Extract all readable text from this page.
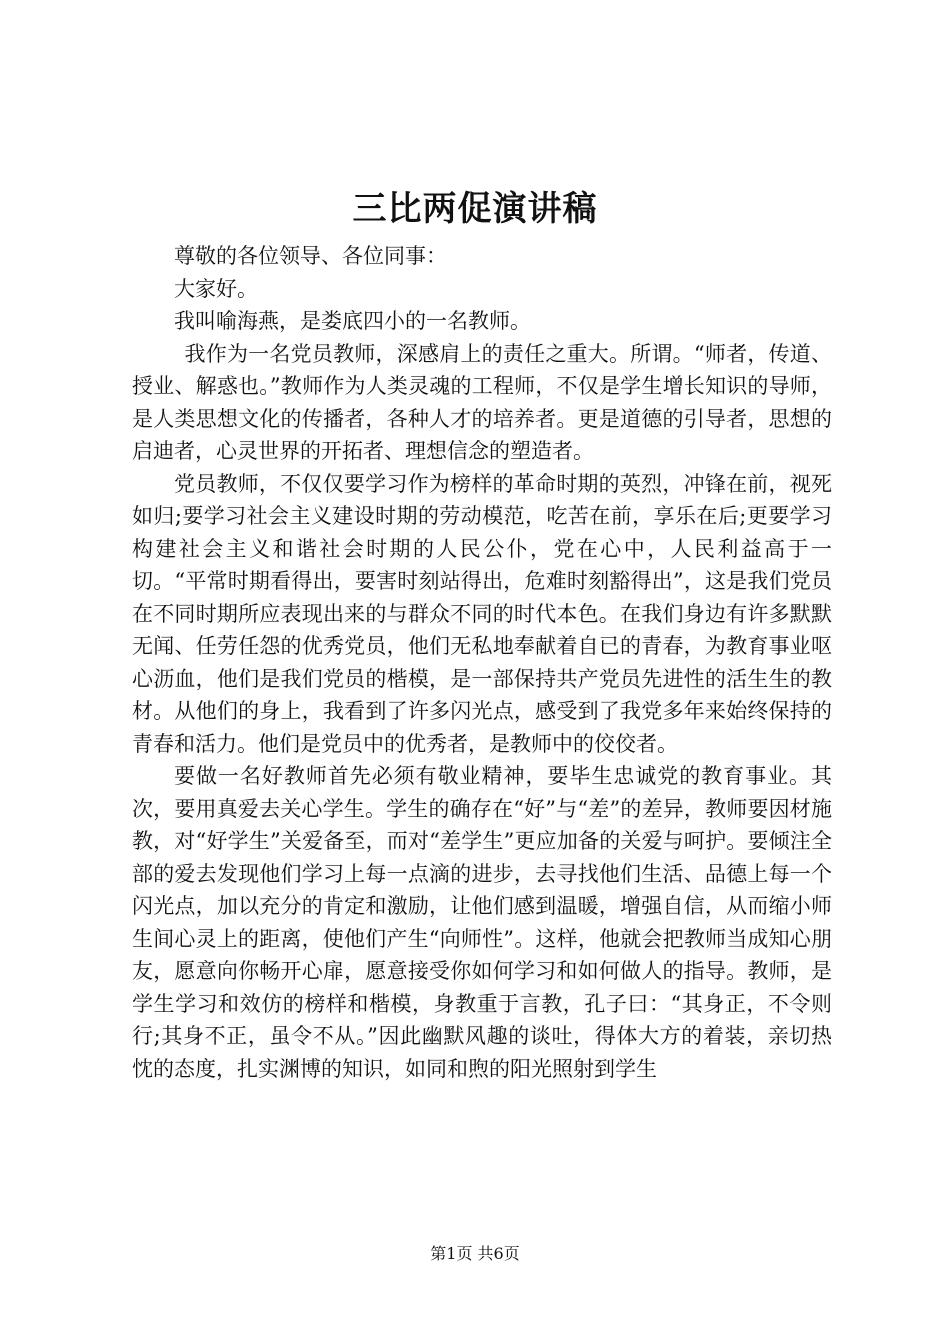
三比两促演讲稿

尊敬的各位领导、各位同事：

大家好。

我叫喻海燕，是娄底四小的一名教师。

我作为一名党员教师，深感肩上的责任之重大。所谓。“师者，传道、授业、解惑也。”教师作为人类灵魂的工程师，不仅是学生增长知识的导师，是人类思想文化的传播者，各种人才的培养者。更是道德的引导者，思想的启迪者，心灵世界的开拓者、理想信念的塑造者。

党员教师，不仅仅要学习作为榜样的革命时期的英烈，冲锋在前，视死如归;要学习社会主义建设时期的劳动模范，吃苦在前，享乐在后;更要学习构建社会主义和谐社会时期的人民公仆，党在心中，人民利益高于一切。“平常时期看得出，要害时刻站得出，危难时刻豁得出”，这是我们党员在不同时期所应表现出来的与群众不同的时代本色。在我们身边有许多默默无闻、任劳任怨的优秀党员，他们无私地奉献着自已的青春，为教育事业呕心沥血，他们是我们党员的楷模，是一部保持共产党员先进性的活生生的教材。从他们的身上，我看到了许多闪光点，感受到了我党多年来始终保持的青春和活力。他们是党员中的优秀者，是教师中的佼佼者。

要做一名好教师首先必须有敬业精神，要毕生忠诚党的教育事业。其次，要用真爱去关心学生。学生的确存在“好”与“差”的差异，教师要因材施教，对“好学生”关爱备至，而对“差学生”更应加备的关爱与呵护。要倾注全部的爱去发现他们学习上每一点滴的进步，去寻找他们生活、品德上每一个闪光点，加以充分的肯定和激励，让他们感到温暖，增强自信，从而缩小师生间心灵上的距离，使他们产生“向师性”。这样，他就会把教师当成知心朋友，愿意向你畅开心扉，愿意接受你如何学习和如何做人的指导。教师，是学生学习和效仿的榜样和楷模，身教重于言教，孔子曰：“其身正，不令则行;其身不正，虽令不从。”因此幽默风趣的谈吐，得体大方的着装，亲切热忱的态度，扎实渊博的知识，如同和煦的阳光照射到学生

第1页 共6页
